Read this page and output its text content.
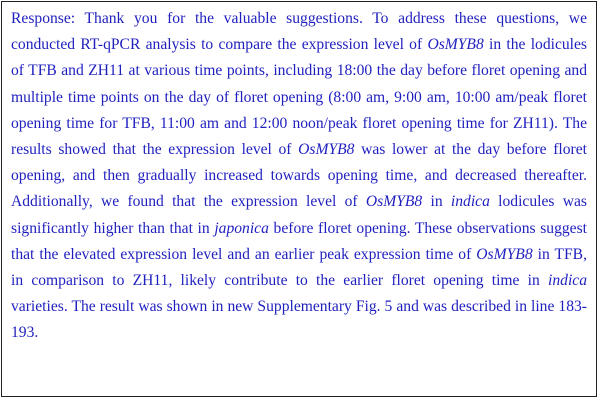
Response: Thank you for the valuable suggestions. To address these questions, we conducted RT-qPCR analysis to compare the expression level of OsMYB8 in the lodicules of TFB and ZH11 at various time points, including 18:00 the day before floret opening and multiple time points on the day of floret opening (8:00 am, 9:00 am, 10:00 am/peak floret opening time for TFB, 11:00 am and 12:00 noon/peak floret opening time for ZH11). The results showed that the expression level of OsMYB8 was lower at the day before floret opening, and then gradually increased towards opening time, and decreased thereafter. Additionally, we found that the expression level of OsMYB8 in indica lodicules was significantly higher than that in japonica before floret opening. These observations suggest that the elevated expression level and an earlier peak expression time of OsMYB8 in TFB, in comparison to ZH11, likely contribute to the earlier floret opening time in indica varieties. The result was shown in new Supplementary Fig. 5 and was described in line 183-193.
